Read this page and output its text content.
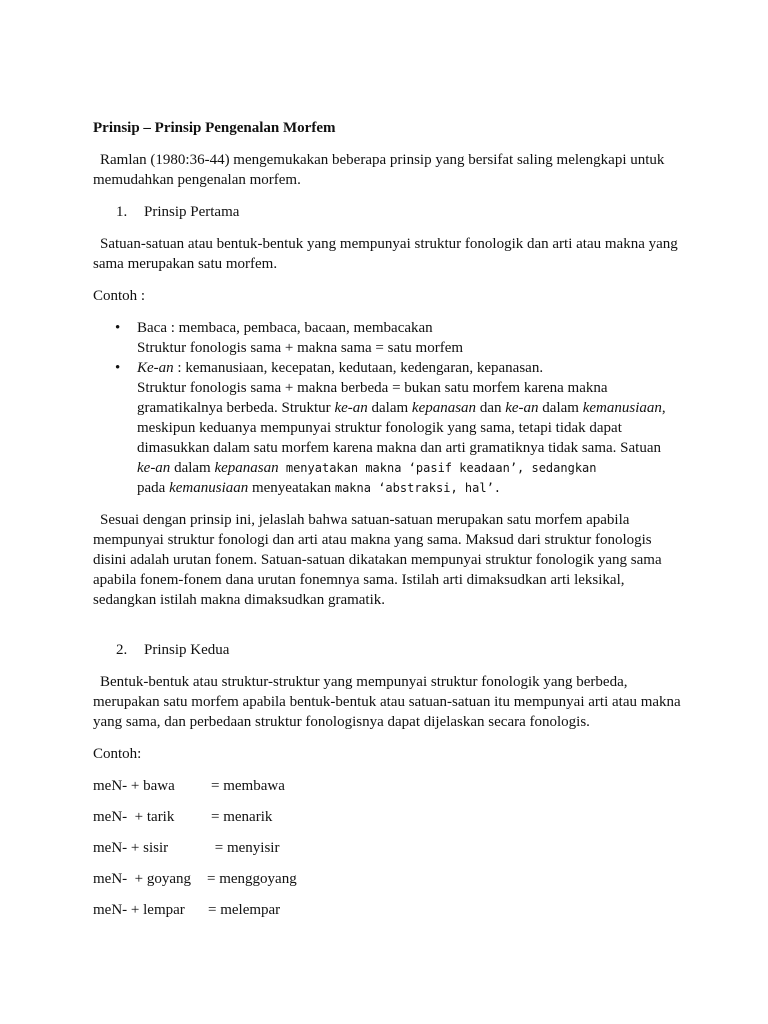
Prinsip – Prinsip Pengenalan Morfem

Ramlan (1980:36-44) mengemukakan beberapa prinsip yang bersifat saling melengkapi untuk memudahkan pengenalan morfem.

1. Prinsip Pertama

Satuan-satuan atau bentuk-bentuk yang mempunyai struktur fonologik dan arti atau makna yang sama merupakan satu morfem.

Contoh :

• Baca : membaca, pembaca, bacaan, membacakan
Struktur fonologis sama + makna sama = satu morfem
• Ke-an : kemanusiaan, kecepatan, kedutaan, kedengaran, kepanasan.
Struktur fonologis sama + makna berbeda = bukan satu morfem karena makna gramatikalnya berbeda. Struktur ke-an dalam kepanasan dan ke-an dalam kemanusiaan, meskipun keduanya mempunyai struktur fonologik yang sama, tetapi tidak dapat dimasukkan dalam satu morfem karena makna dan arti gramatiknya tidak sama. Satuan ke-an dalam kepanasan menyatakan makna ‘pasif keadaan’, sedangkan
pada kemanusiaan menyeatakan makna ‘abstraksi, hal’.

Sesuai dengan prinsip ini, jelaslah bahwa satuan-satuan merupakan satu morfem apabila mempunyai struktur fonologi dan arti atau makna yang sama. Maksud dari struktur fonologis disini adalah urutan fonem. Satuan-satuan dikatakan mempunyai struktur fonologik yang sama apabila fonem-fonem dana urutan fonemnya sama. Istilah arti dimaksudkan arti leksikal, sedangkan istilah makna dimaksudkan gramatik.

2. Prinsip Kedua

Bentuk-bentuk atau struktur-struktur yang mempunyai struktur fonologik yang berbeda, merupakan satu morfem apabila bentuk-bentuk atau satuan-satuan itu mempunyai arti atau makna yang sama, dan perbedaan struktur fonologisnya dapat dijelaskan secara fonologis.

Contoh:

meN- + bawa = membawa

meN-  + tarik = menarik

meN- + sisir	= menyisir

meN-  + goyang = menggoyang

meN- + lempar = melempar
